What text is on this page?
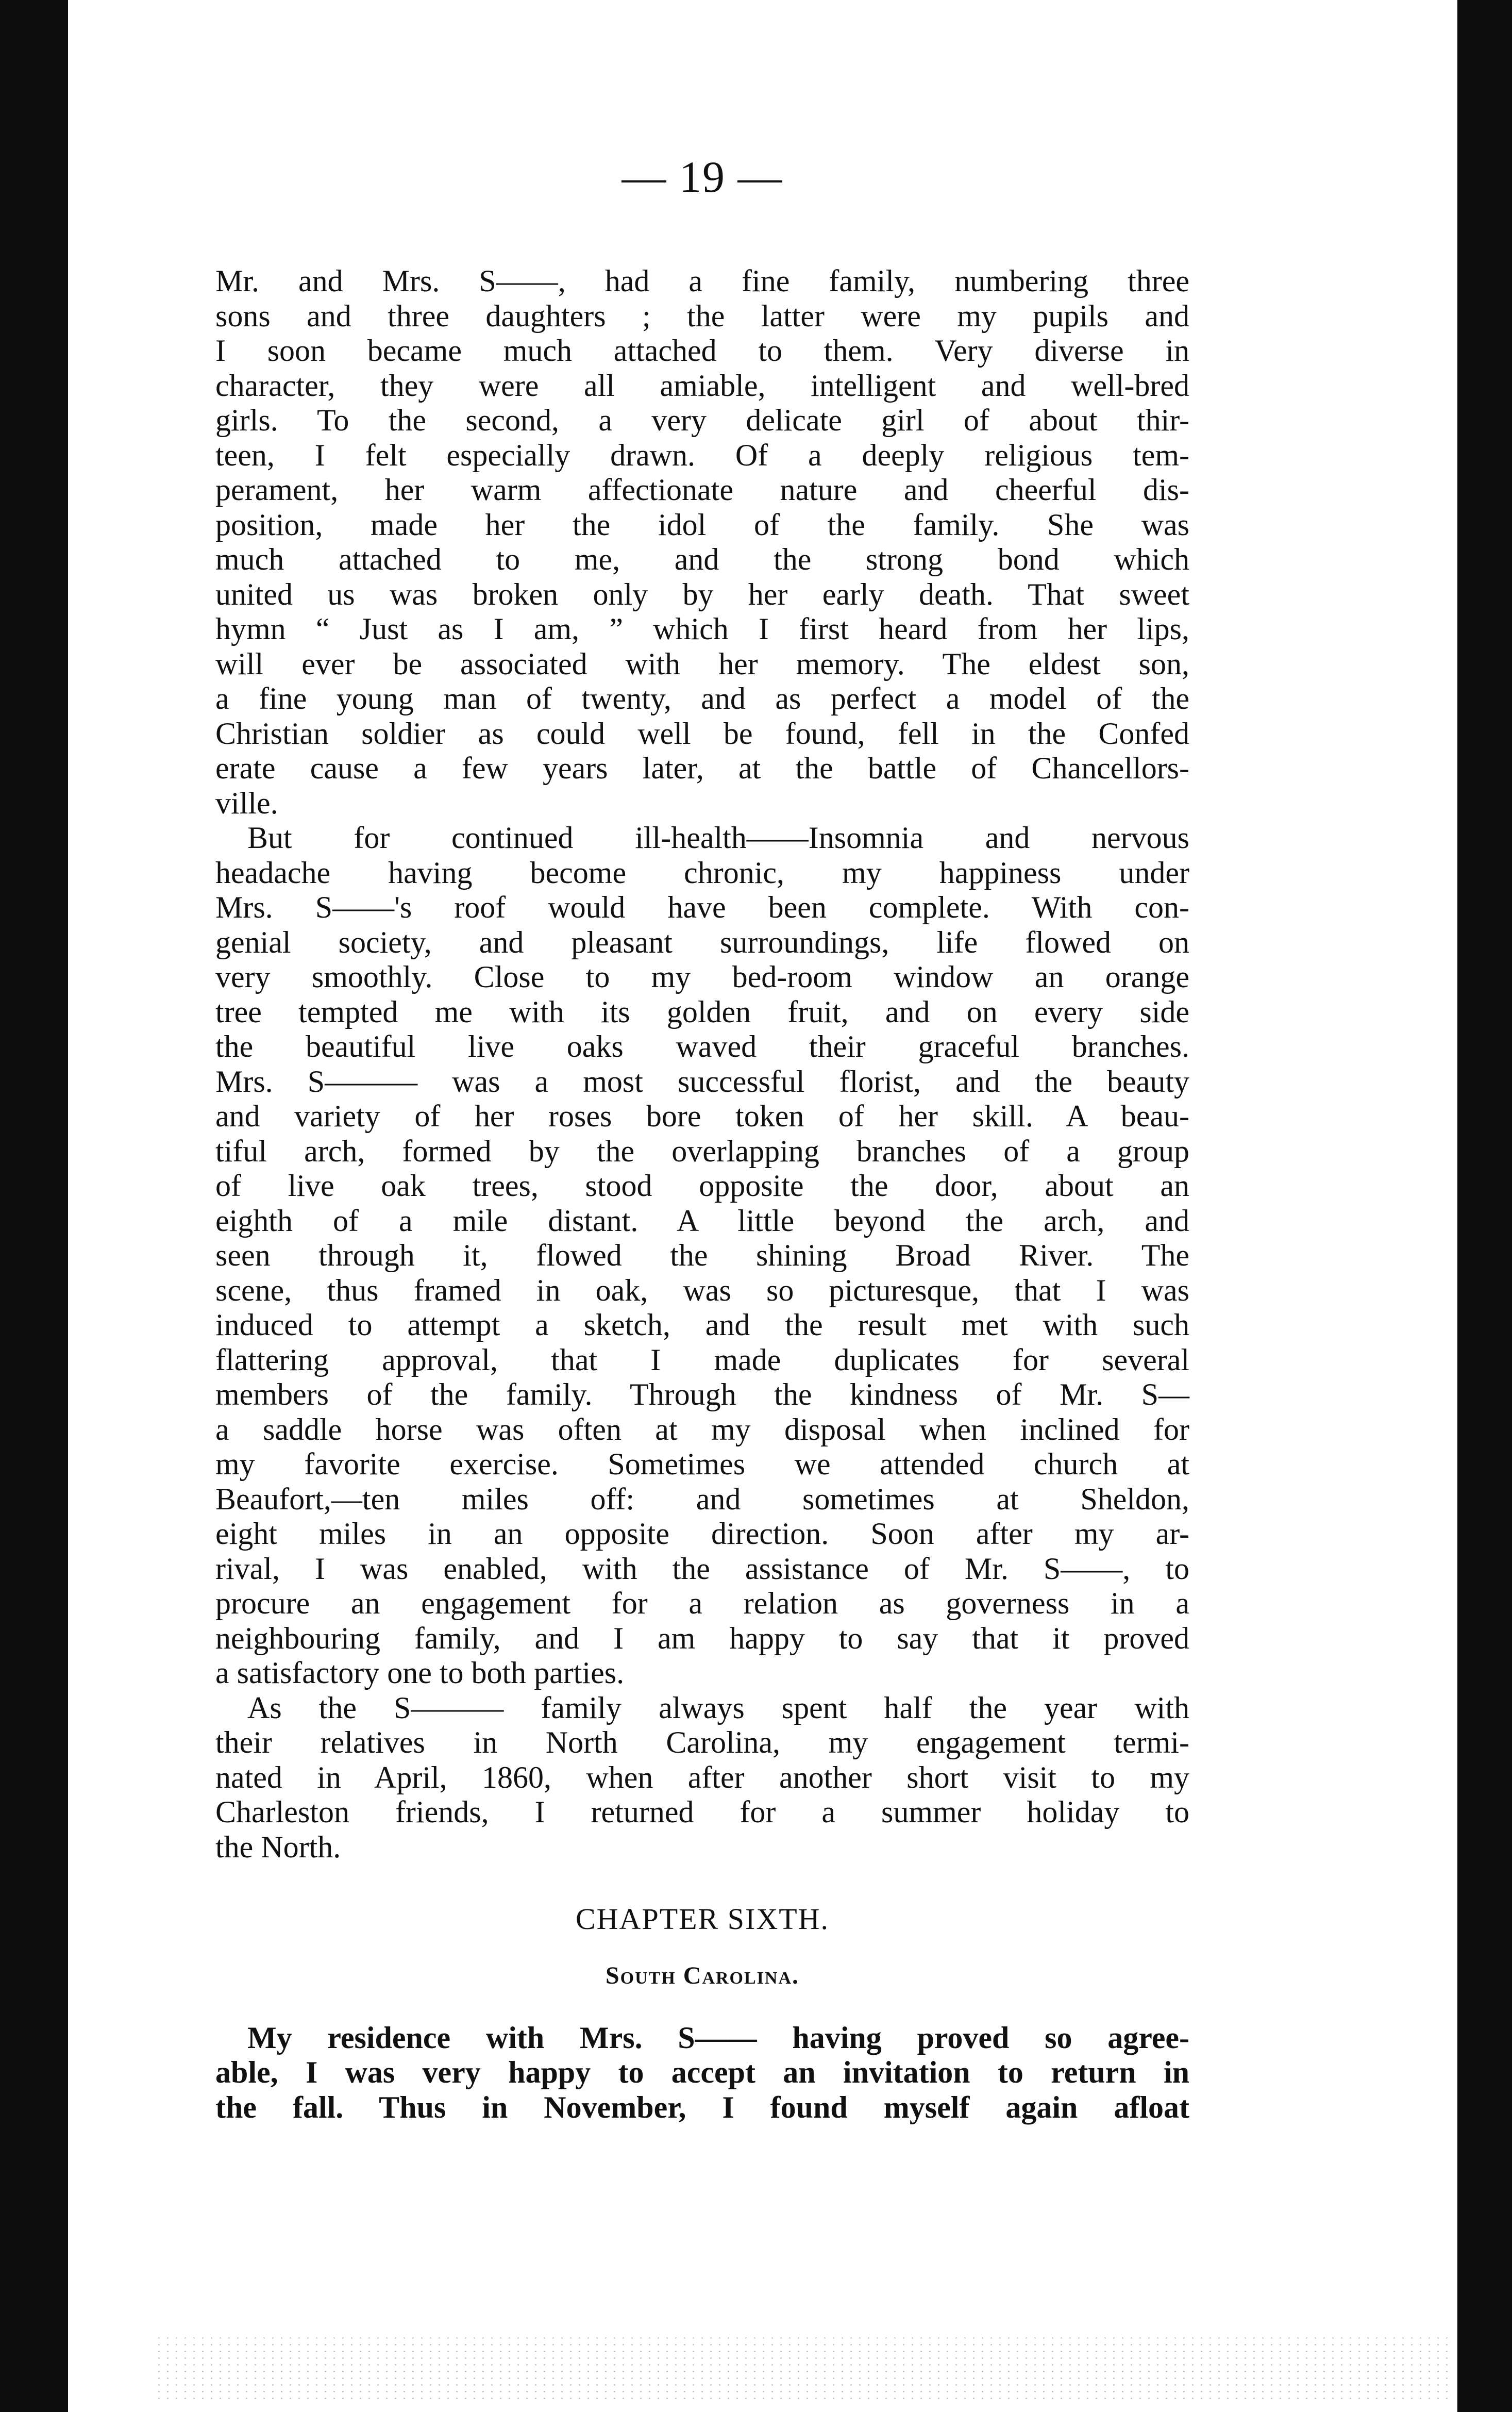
— 19 —

Mr. and Mrs. S——, had a fine family, numbering three
sons and three daughters ; the latter were my pupils and
I soon became much attached to them. Very diverse in
character, they were all amiable, intelligent and well-bred
girls. To the second, a very delicate girl of about thir-
teen, I felt especially drawn. Of a deeply religious tem-
perament, her warm affectionate nature and cheerful dis-
position, made her the idol of the family. She was
much attached to me, and the strong bond which
united us was broken only by her early death. That sweet
hymn “ Just as I am, ” which I first heard from her lips,
will ever be associated with her memory. The eldest son,
a fine young man of twenty, and as perfect a model of the
Christian soldier as could well be found, fell in the Confed
erate cause a few years later, at the battle of Chancellors-
ville.

But for continued ill-health——Insomnia and nervous
headache having become chronic, my happiness under
Mrs. S——'s roof would have been complete. With con-
genial society, and pleasant surroundings, life flowed on
very smoothly. Close to my bed-room window an orange
tree tempted me with its golden fruit, and on every side
the beautiful live oaks waved their graceful branches.
Mrs. S——— was a most successful florist, and the beauty
and variety of her roses bore token of her skill. A beau-
tiful arch, formed by the overlapping branches of a group
of live oak trees, stood opposite the door, about an
eighth of a mile distant. A little beyond the arch, and
seen through it, flowed the shining Broad River. The
scene, thus framed in oak, was so picturesque, that I was
induced to attempt a sketch, and the result met with such
flattering approval, that I made duplicates for several
members of the family. Through the kindness of Mr. S—
a saddle horse was often at my disposal when inclined for
my favorite exercise. Sometimes we attended church at
Beaufort,—ten miles off: and sometimes at Sheldon,
eight miles in an opposite direction. Soon after my ar-
rival, I was enabled, with the assistance of Mr. S——, to
procure an engagement for a relation as governess in a
neighbouring family, and I am happy to say that it proved
a satisfactory one to both parties.

As the S——— family always spent half the year with
their relatives in North Carolina, my engagement termi-
nated in April, 1860, when after another short visit to my
Charleston friends, I returned for a summer holiday to
the North.

CHAPTER SIXTH.
South Carolina.
My residence with Mrs. S—— having proved so agree-
able, I was very happy to accept an invitation to return in
the fall. Thus in November, I found myself again afloat
